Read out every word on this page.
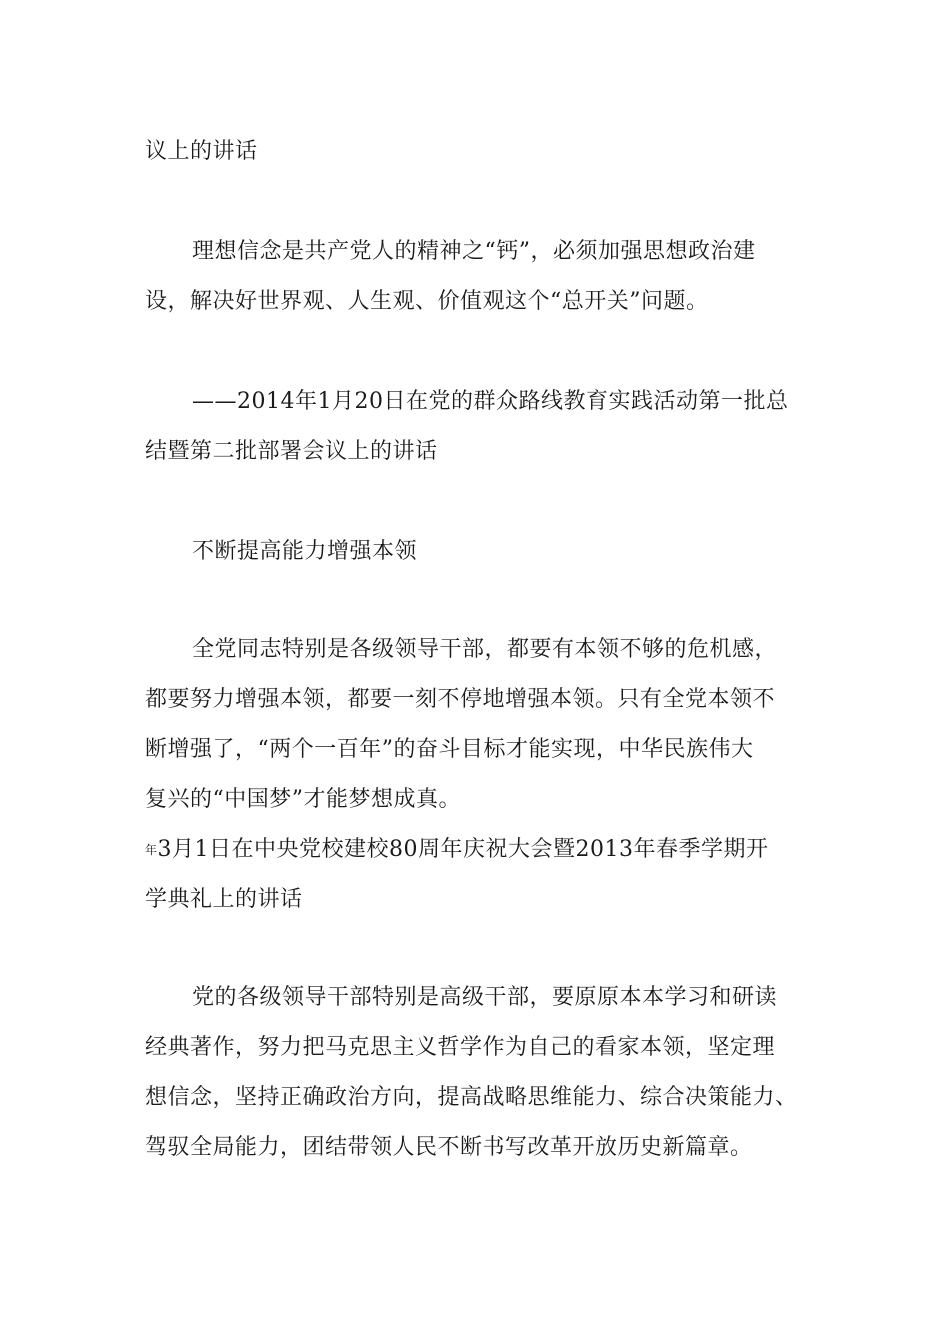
议上的讲话
理想信念是共产党人的精神之“钙”，必须加强思想政治建
设，解决好世界观、人生观、价值观这个“总开关”问题。
——2014年1月20日在党的群众路线教育实践活动第一批总
结暨第二批部署会议上的讲话
不断提高能力增强本领
全党同志特别是各级领导干部，都要有本领不够的危机感，
都要努力增强本领，都要一刻不停地增强本领。只有全党本领不
断增强了，“两个一百年”的奋斗目标才能实现，中华民族伟大
复兴的“中国梦”才能梦想成真。
年3月1日在中央党校建校80周年庆祝大会暨2013年春季学期开
学典礼上的讲话
党的各级领导干部特别是高级干部，要原原本本学习和研读
经典著作，努力把马克思主义哲学作为自己的看家本领，坚定理
想信念，坚持正确政治方向，提高战略思维能力、综合决策能力、
驾驭全局能力，团结带领人民不断书写改革开放历史新篇章。
